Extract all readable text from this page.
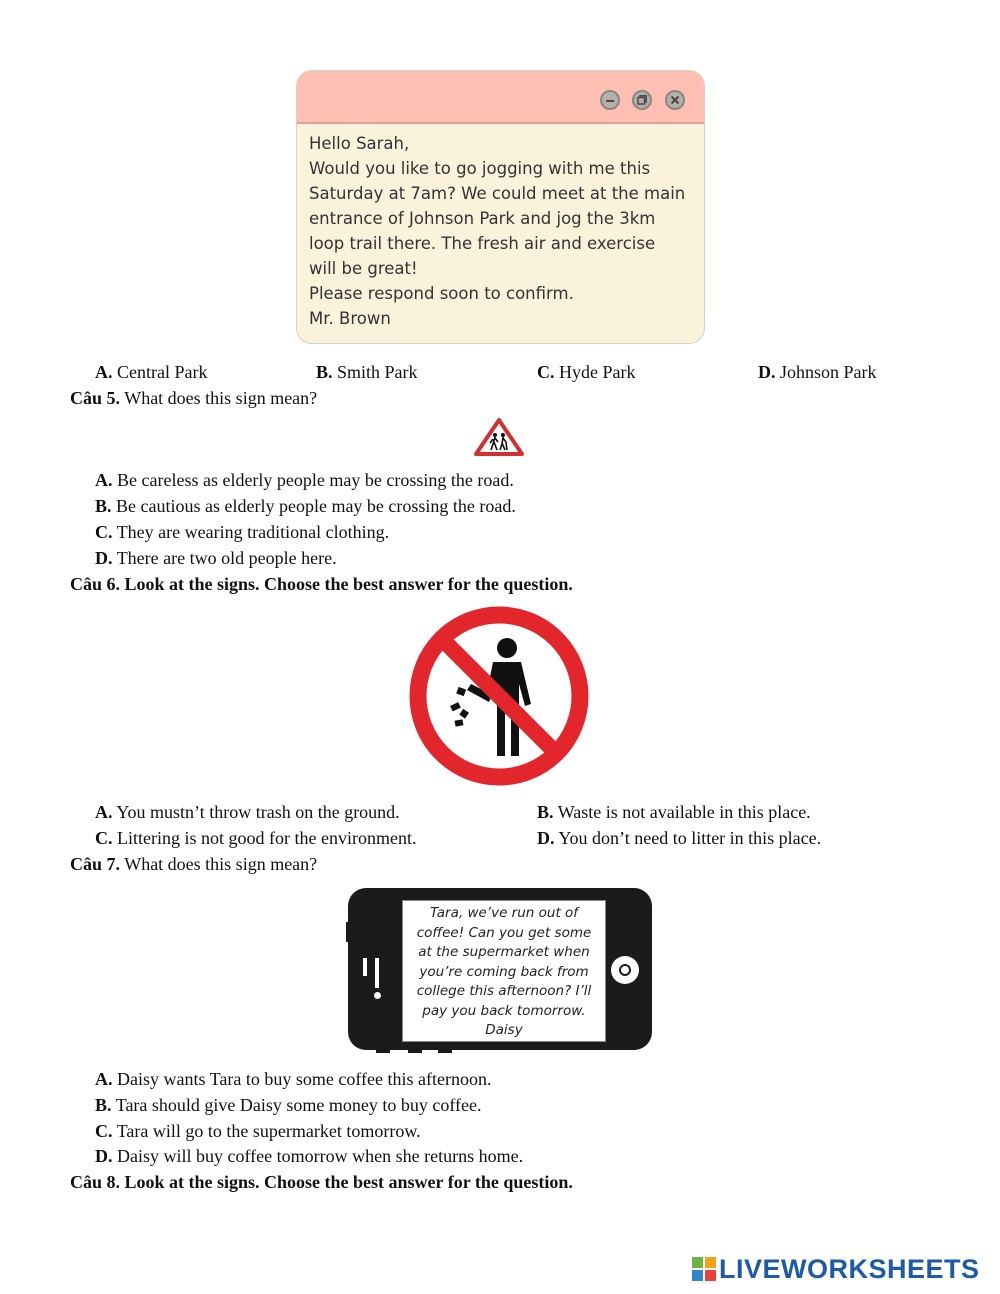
Hello Sarah,
Would you like to go jogging with me this
Saturday at 7am? We could meet at the main
entrance of Johnson Park and jog the 3km
loop trail there. The fresh air and exercise
will be great!
Please respond soon to confirm.
Mr. Brown
A. Central Park	B. Smith Park	C. Hyde Park	D. Johnson Park
Câu 5. What does this sign mean?
A. Be careless as elderly people may be crossing the road.
B. Be cautious as elderly people may be crossing the road.
C. They are wearing traditional clothing.
D. There are two old people here.
Câu 6. Look at the signs. Choose the best answer for the question.
A. You mustn’t throw trash on the ground.	B. Waste is not available in this place.
C. Littering is not good for the environment.	D. You don’t need to litter in this place.
Câu 7. What does this sign mean?
Tara, we’ve run out of
coffee! Can you get some
at the supermarket when
you’re coming back from
college this afternoon? I’ll
pay you back tomorrow.
Daisy
A. Daisy wants Tara to buy some coffee this afternoon.
B. Tara should give Daisy some money to buy coffee.
C. Tara will go to the supermarket tomorrow.
D. Daisy will buy coffee tomorrow when she returns home.
Câu 8. Look at the signs. Choose the best answer for the question.
LIVEWORKSHEETS
